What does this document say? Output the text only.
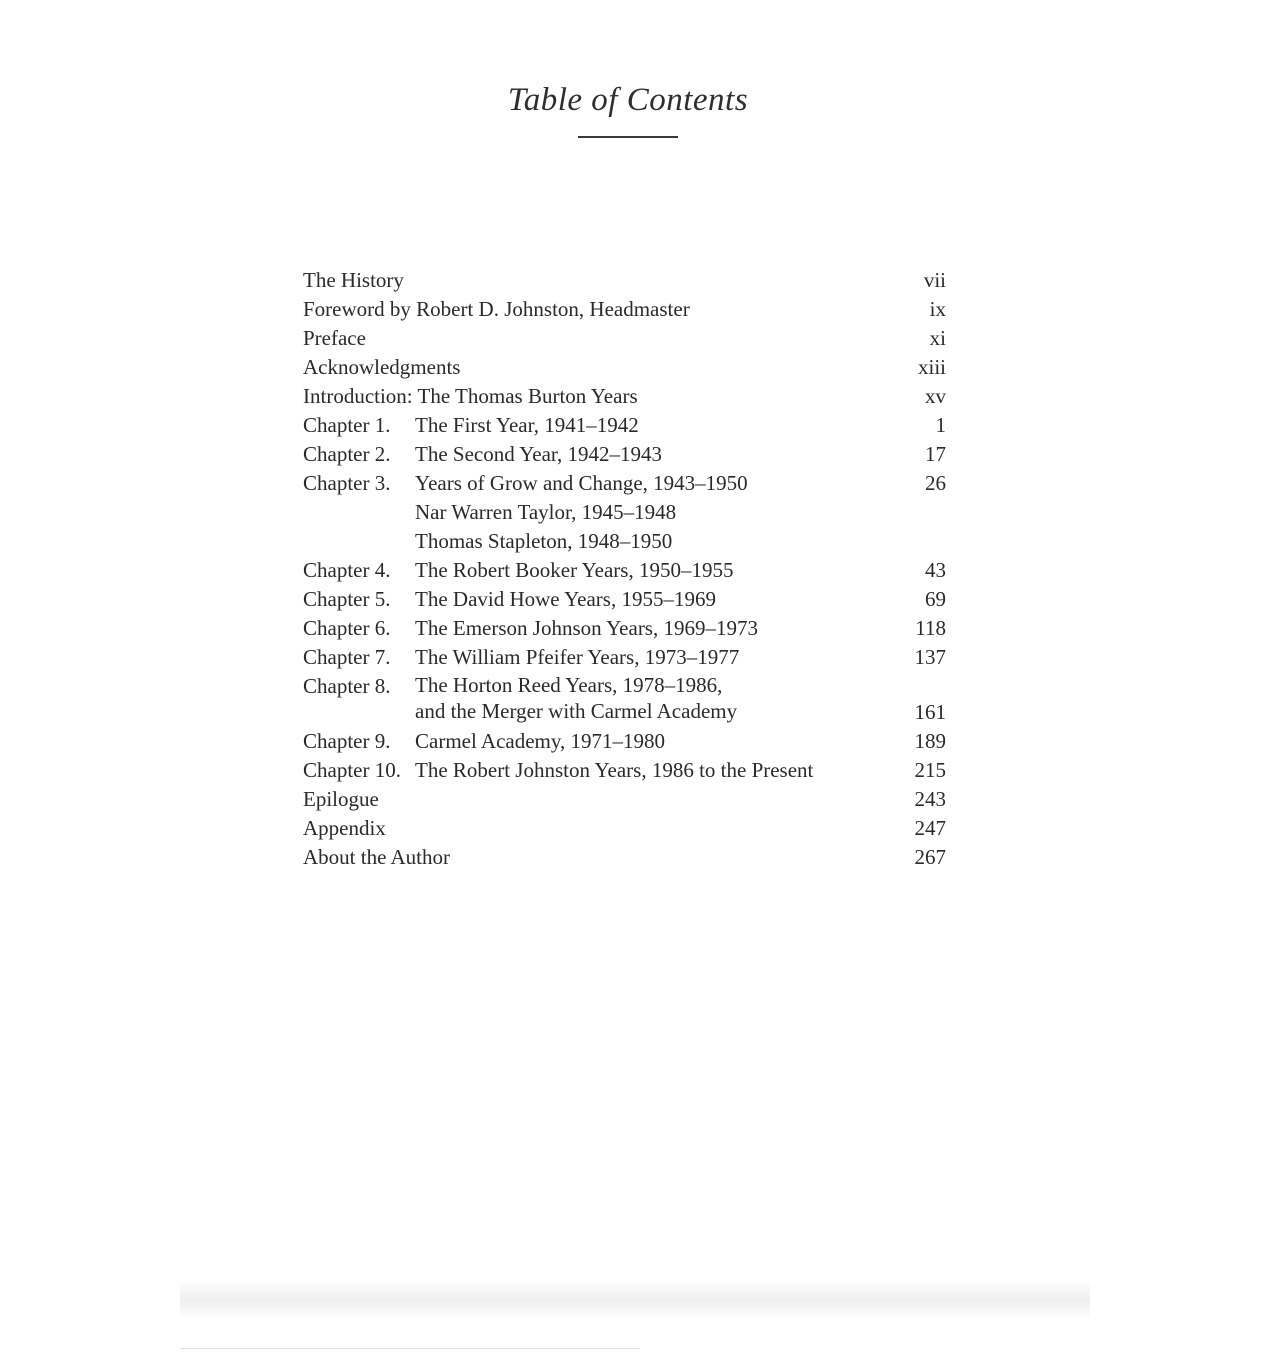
Table of Contents
The History	vii
Foreword by Robert D. Johnston, Headmaster	ix
Preface	xi
Acknowledgments	xiii
Introduction: The Thomas Burton Years	xv
Chapter 1. The First Year, 1941–1942	1
Chapter 2. The Second Year, 1942–1943	17
Chapter 3. Years of Grow and Change, 1943–1950	26
Nar Warren Taylor, 1945–1948
Thomas Stapleton, 1948–1950
Chapter 4. The Robert Booker Years, 1950–1955	43
Chapter 5. The David Howe Years, 1955–1969	69
Chapter 6. The Emerson Johnson Years, 1969–1973	118
Chapter 7. The William Pfeifer Years, 1973–1977	137
Chapter 8. The Horton Reed Years, 1978–1986,
and the Merger with Carmel Academy	161
Chapter 9. Carmel Academy, 1971–1980	189
Chapter 10. The Robert Johnston Years, 1986 to the Present	215
Epilogue	243
Appendix	247
About the Author	267
